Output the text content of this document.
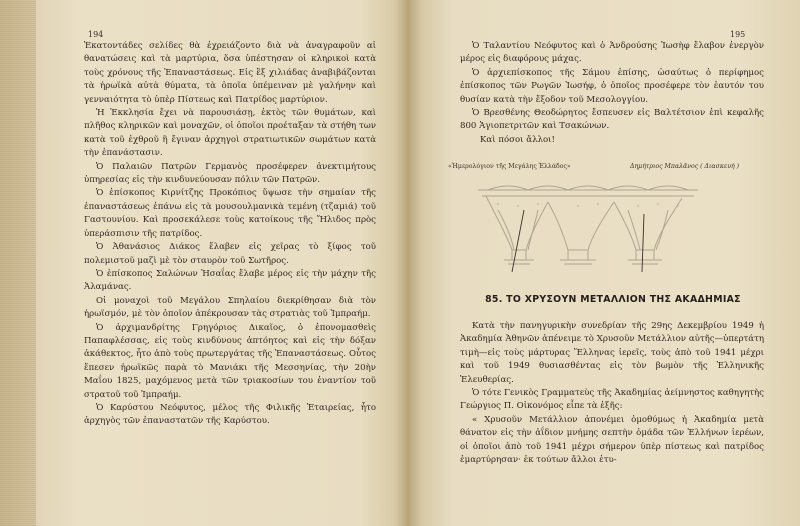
194

Ἑκατοντάδες σελίδες θὰ ἐχρειάζοντο διὰ νὰ ἀναγραφοῦν αἱ θανατώσεις καὶ τὰ μαρτύρια, ὅσα ὑπέστησαν οἱ κληρικοὶ κατὰ τοὺς χρόνους τῆς Ἐπαναστάσεως. Εἰς ἓξ χιλιάδας ἀναβιβάζονται τὰ ἡρωϊκὰ αὐτὰ θύματα, τὰ ὁποῖα ὑπέμειναν μὲ γαλήνην καὶ γενναιότητα τὸ ὑπὲρ Πίστεως καὶ Πατρίδος μαρτύριον.

Ἡ Ἐκκλησία ἔχει νὰ παρουσιάσῃ, ἐκτὸς τῶν θυμάτων, καὶ πλῆθος κληρικῶν καὶ μοναχῶν, οἱ ὁποῖοι προέταξαν τὰ στήθη των κατὰ τοῦ ἐχθροῦ ἢ ἔγιναν ἀρχηγοὶ στρατιωτικῶν σωμάτων κατὰ τὴν ἐπανάστασιν.

Ὁ Παλαιῶν Πατρῶν Γερμανὸς προσέφερεν ἀνεκτιμήτους ὑπηρεσίας εἰς τὴν κινδυνεύουσαν πόλιν τῶν Πατρῶν.

Ὁ ἐπίσκοπος Κιρνίτζης Προκόπιος ὕψωσε τὴν σημαίαν τῆς ἐπαναστάσεως ἐπάνω εἰς τὰ μουσουλμανικὰ τεμένη (τζαμιά) τοῦ Γαστουνίου. Καὶ προσεκάλεσε τοὺς κατοίκους τῆς Ἤλιδος πρὸς ὑπεράσπισιν τῆς πατρίδος.

Ὁ Ἀθανάσιος Διάκος ἔλαβεν εἰς χεῖρας τὸ ξίφος τοῦ πολεμιστοῦ μαζὶ μὲ τὸν σταυρὸν τοῦ Σωτῆρος.

Ὁ ἐπίσκοπος Σαλώνων Ἡσαΐας ἔλαβε μέρος εἰς τὴν μάχην τῆς Ἀλαμάνας.

Οἱ μοναχοὶ τοῦ Μεγάλου Σπηλαίου διεκρίθησαν διὰ τὸν ἡρωϊσμόν, μὲ τὸν ὁποῖον ἀπέκρουσαν τὰς στρατιὰς τοῦ Ἰμπραήμ.

Ὁ ἀρχιμανδρίτης Γρηγόριος Δικαῖος, ὁ ἐπονομασθεὶς Παπαφλέσσας, εἰς τοὺς κινδύνους ἀπτόητος καὶ εἰς τὴν δόξαν ἀκάθεκτος, ἦτο ἀπὸ τοὺς πρωτεργάτας τῆς Ἐπαναστάσεως. Οὗτος ἔπεσεν ἡρωϊκῶς παρὰ τὸ Μανιάκι τῆς Μεσσηνίας, τὴν 20ὴν Μαΐου 1825, μαχόμενος μετὰ τῶν τριακοσίων του ἐναντίον τοῦ στρατοῦ τοῦ Ἰμπραήμ.

Ὁ Καρύστου Νεόφυτος, μέλος τῆς Φιλικῆς Ἑταιρείας, ἦτο ἀρχηγὸς τῶν ἐπαναστατῶν τῆς Καρύστου.

195

Ὁ Ταλαντίου Νεόφυτος καὶ ὁ Ἀνδρούσης Ἰωσὴφ ἔλαβον ἐνεργὸν μέρος εἰς διαφόρους μάχας.

Ὁ ἀρχιεπίσκοπος τῆς Σάμου ἐπίσης, ὡσαύτως ὁ περίφημος ἐπίσκοπος τῶν Ρωγῶν Ἰωσήφ, ὁ ὁποῖος προσέφερε τὸν ἑαυτόν του θυσίαν κατὰ τὴν ἔξοδον τοῦ Μεσολογγίου.

Ὁ Βρεσθένης Θεοδώρητος ἔσπευσεν εἰς Βαλτέτσιον ἐπὶ κεφαλῆς 800 Ἁγιοπετριτῶν καὶ Τσακώνων.

Καὶ πόσοι ἄλλοι!

«Ἡμερολόγιον τῆς Μεγάλης Ἑλλάδος»	Δημήτριος Μπαλᾶνος ( Διασκευή )
85. ΤΟ ΧΡΥΣΟΥΝ ΜΕΤΑΛΛΙΟΝ ΤΗΣ ΑΚΑΔΗΜΙΑΣ

Κατὰ τὴν πανηγυρικὴν συνεδρίαν τῆς 29ης Δεκεμβρίου 1949 ἡ Ἀκαδημία Ἀθηνῶν ἀπένειμε τὸ Χρυσοῦν Μετάλλιον αὐτῆς—ὑπερτάτη τιμὴ—εἰς τοὺς μάρτυρας Ἕλληνας ἱερεῖς, τοὺς ἀπὸ τοῦ 1941 μέχρι καὶ τοῦ 1949 θυσιασθέντας εἰς τὸν βωμὸν τῆς Ἑλληνικῆς Ἐλευθερίας.

Ὁ τότε Γενικὸς Γραμματεὺς τῆς Ἀκαδημίας ἀείμνηστος καθηγητὴς Γεώργιος Π. Οἰκονόμος εἶπε τὰ ἑξῆς:

« Χρυσοῦν Μετάλλιον ἀπονέμει ὁμοθύμως ἡ Ἀκαδημία μετὰ θάνατον εἰς τὴν ἀΐδιον μνήμης σεπτὴν ὁμάδα τῶν Ἑλλήνων ἱερέων, οἱ ὁποῖοι ἀπὸ τοῦ 1941 μέχρι σήμερον ὑπὲρ πίστεως καὶ πατρίδος ἐμαρτύρησαν· ἐκ τούτων ἄλλοι ἐτυ-
